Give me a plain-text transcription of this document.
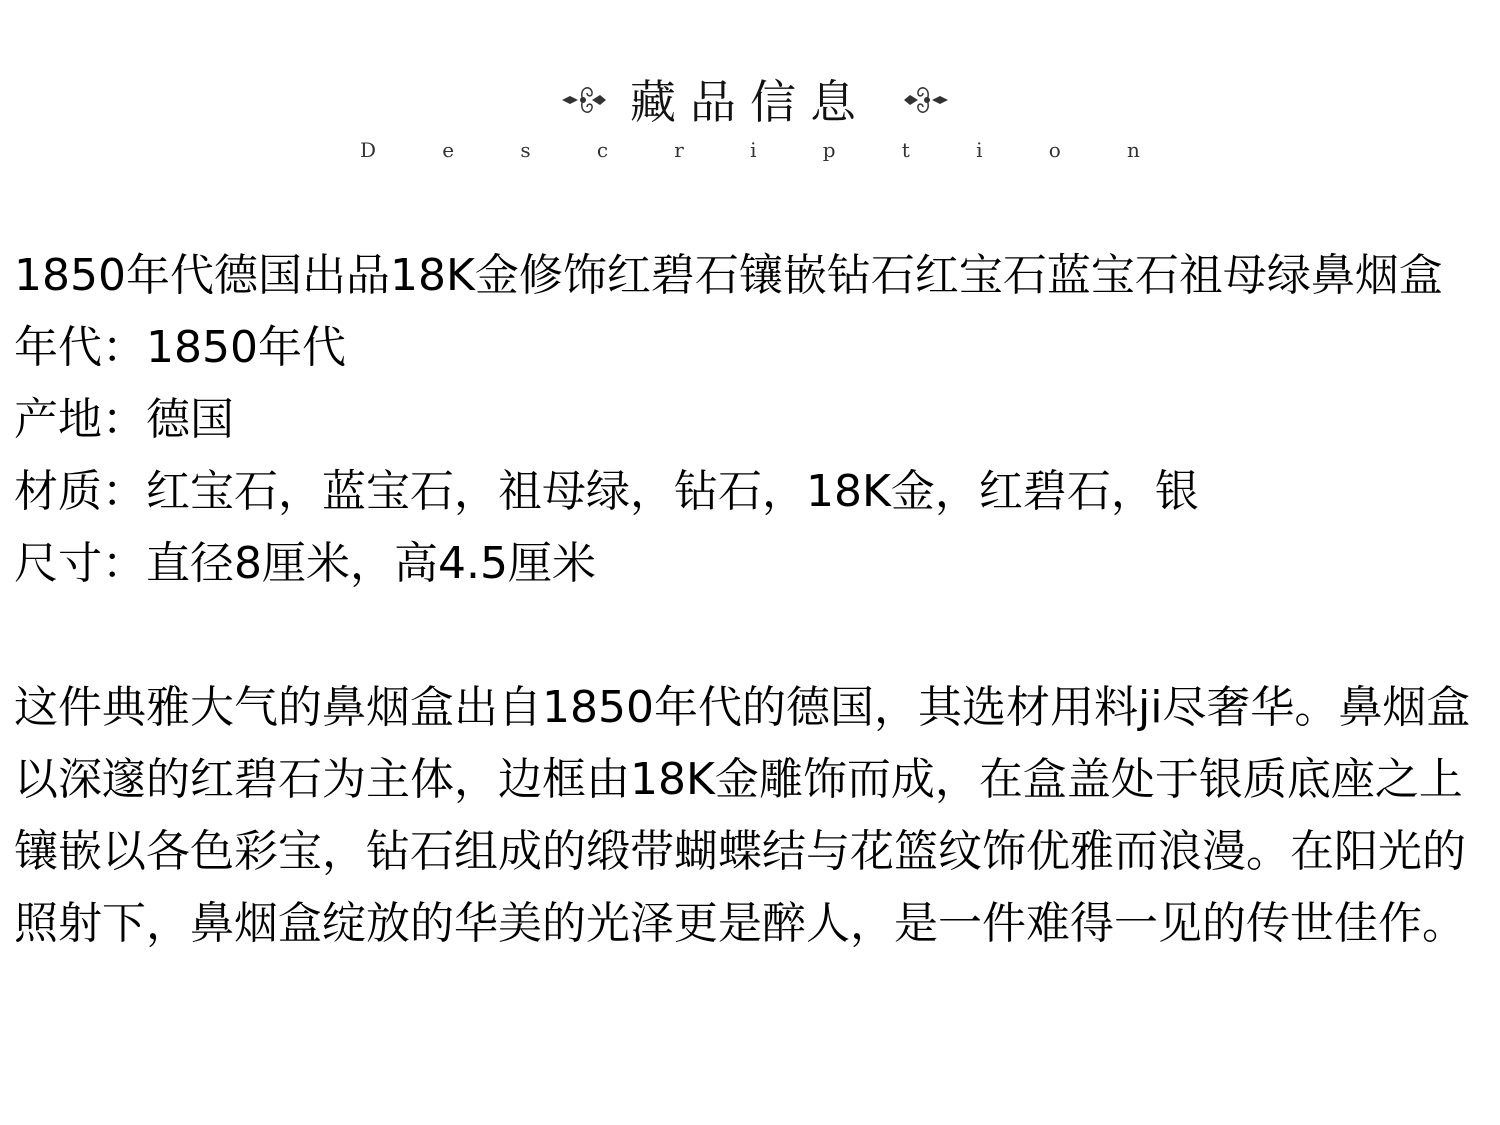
藏品信息
D	e	s	c	r	i	p	t	i	o	n

1850年代德国出品18K金修饰红碧石镶嵌钻石红宝石蓝宝石祖母绿鼻烟盒

年代：1850年代

产地：德国

材质：红宝石，蓝宝石，祖母绿，钻石，18K金，红碧石，银

尺寸：直径8厘米，高4.5厘米

这件典雅大气的鼻烟盒出自1850年代的德国，其选材用料ji尽奢华。鼻烟盒以深邃的红碧石为主体，边框由18K金雕饰而成，在盒盖处于银质底座之上镶嵌以各色彩宝，钻石组成的缎带蝴蝶结与花篮纹饰优雅而浪漫。在阳光的照射下，鼻烟盒绽放的华美的光泽更是醉人，是一件难得一见的传世佳作。
